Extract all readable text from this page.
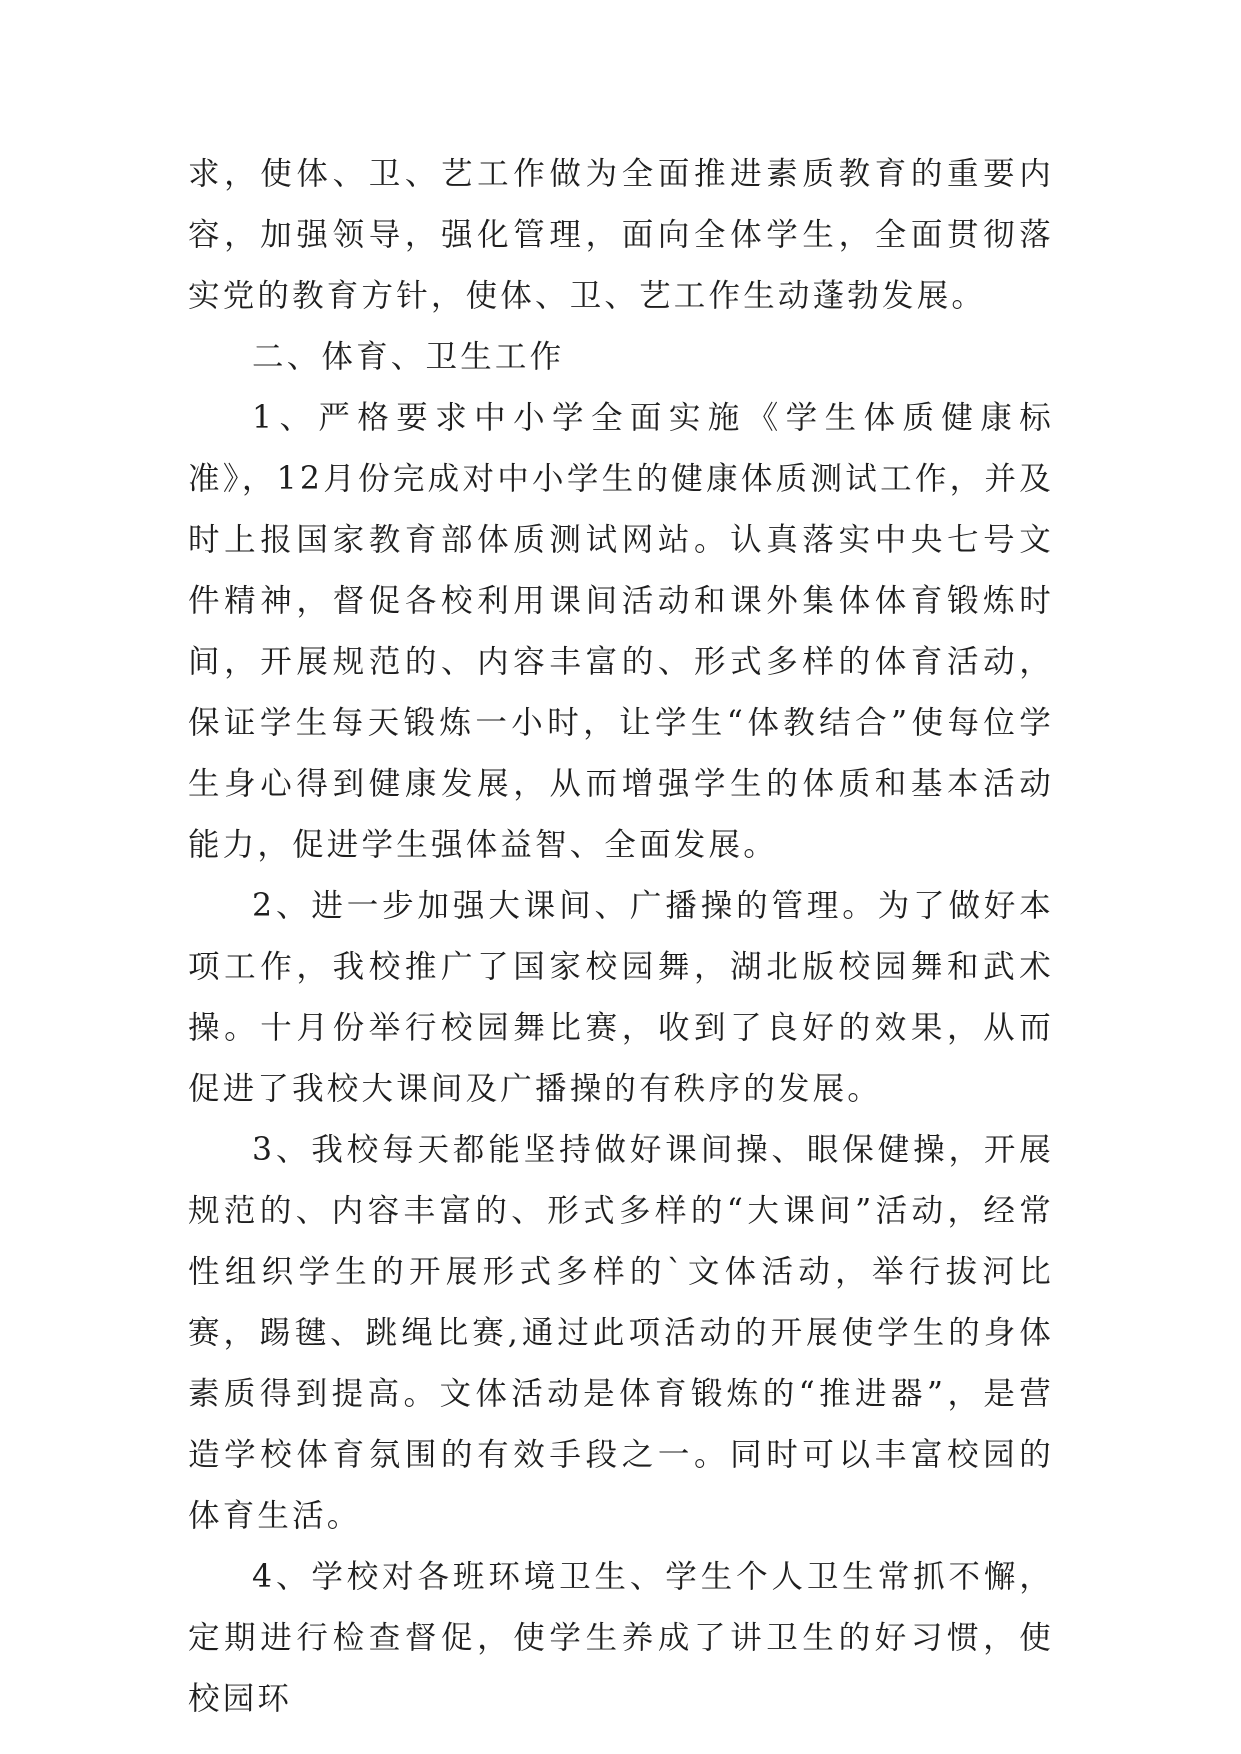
求，使体、卫、艺工作做为全面推进素质教育的重要内容，加强领导，强化管理，面向全体学生，全面贯彻落实党的教育方针，使体、卫、艺工作生动蓬勃发展。

二、体育、卫生工作

1、严格要求中小学全面实施《学生体质健康标准》，12月份完成对中小学生的健康体质测试工作，并及时上报国家教育部体质测试网站。认真落实中央七号文件精神，督促各校利用课间活动和课外集体体育锻炼时间，开展规范的、内容丰富的、形式多样的体育活动，保证学生每天锻炼一小时，让学生“体教结合”使每位学生身心得到健康发展，从而增强学生的体质和基本活动能力，促进学生强体益智、全面发展。

2、进一步加强大课间、广播操的管理。为了做好本项工作，我校推广了国家校园舞，湖北版校园舞和武术操。十月份举行校园舞比赛，收到了良好的效果，从而促进了我校大课间及广播操的有秩序的发展。

3、我校每天都能坚持做好课间操、眼保健操，开展规范的、内容丰富的、形式多样的“大课间”活动，经常性组织学生的开展形式多样的`文体活动，举行拔河比赛，踢毽、跳绳比赛,通过此项活动的开展使学生的身体素质得到提高。文体活动是体育锻炼的“推进器”，是营造学校体育氛围的有效手段之一。同时可以丰富校园的体育生活。

4、学校对各班环境卫生、学生个人卫生常抓不懈，定期进行检查督促，使学生养成了讲卫生的好习惯，使校园环
